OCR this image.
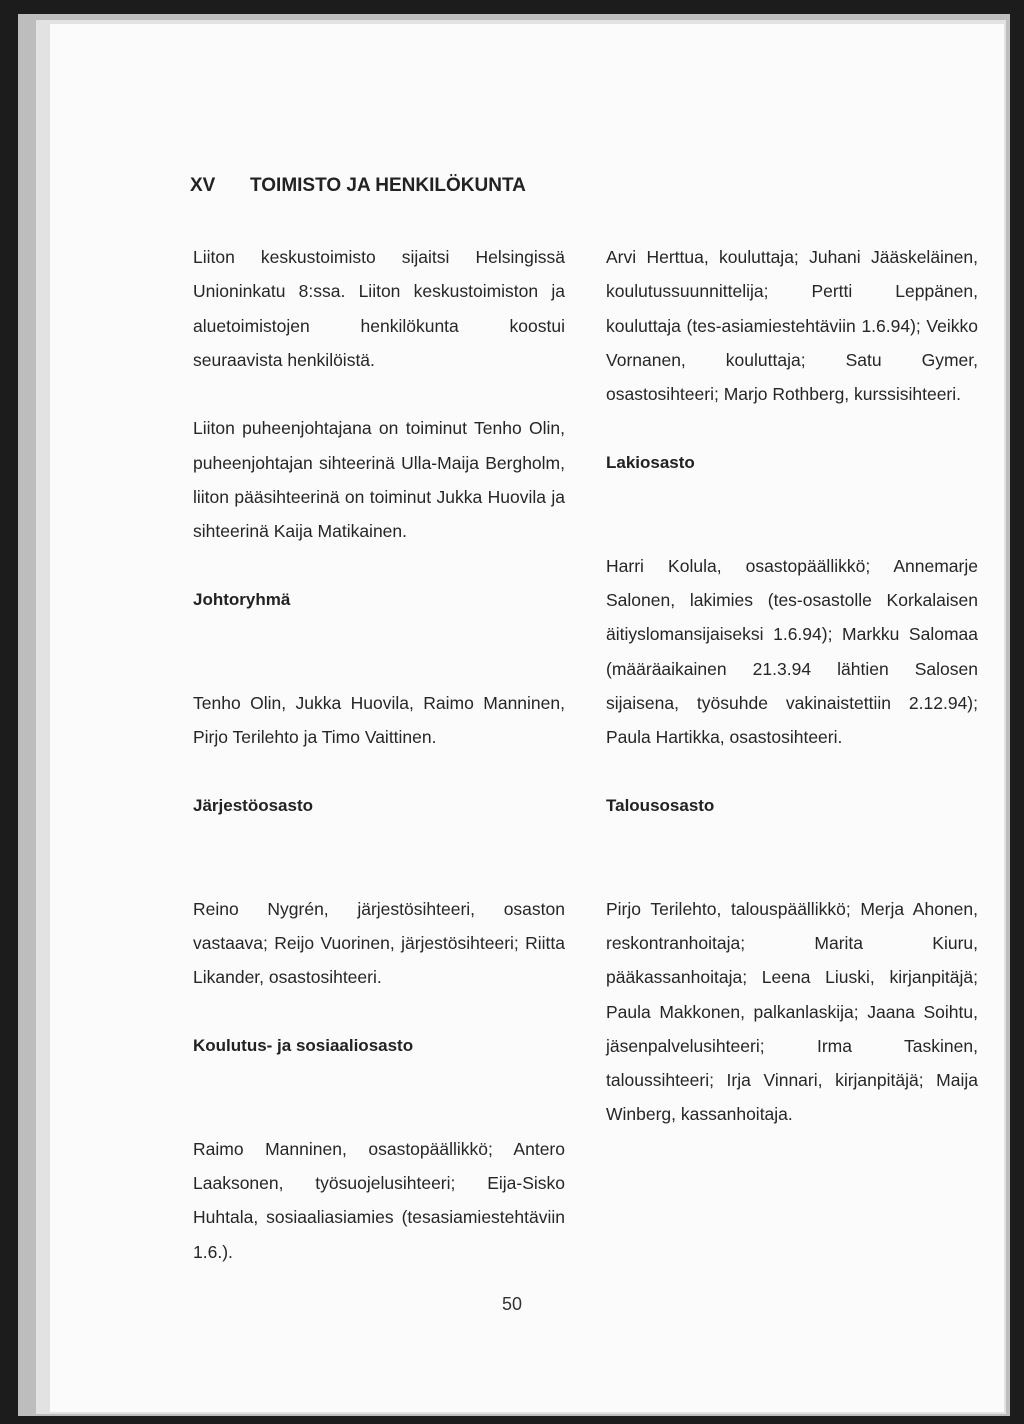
XV TOIMISTO JA HENKILÖKUNTA

Liiton keskustoimisto sijaitsi Helsingissä Unioninkatu 8:ssa. Liiton keskustoimiston ja aluetoimistojen henkilökunta koostui seuraavista henkilöistä.

Liiton puheenjohtajana on toiminut Tenho Olin, puheenjohtajan sihteerinä Ulla-Maija Bergholm, liiton pääsihteerinä on toiminut Jukka Huovila ja sihteerinä Kaija Matikainen.

Johtoryhmä

Tenho Olin, Jukka Huovila, Raimo Manninen, Pirjo Terilehto ja Timo Vaittinen.

Järjestöosasto

Reino Nygrén, järjestösihteeri, osaston vastaava; Reijo Vuorinen, järjestösihteeri; Riitta Likander, osastosihteeri.

Koulutus- ja sosiaaliosasto

Raimo Manninen, osastopäällikkö; Antero Laaksonen, työsuojelusihteeri; Eija-Sisko Huhtala, sosiaaliasiamies (tesasiamiestehtäviin 1.6.).

Arvi Herttua, kouluttaja; Juhani Jääskeläinen, koulutussuunnittelija; Pertti Leppänen, kouluttaja (tes-asiamiestehtäviin 1.6.94); Veikko Vornanen, kouluttaja; Satu Gymer, osastosihteeri; Marjo Rothberg, kurssisihteeri.

Lakiosasto

Harri Kolula, osastopäällikkö; Annemarje Salonen, lakimies (tes-osastolle Korkalaisen äitiyslomansijaiseksi 1.6.94); Markku Salomaa (määräaikainen 21.3.94 lähtien Salosen sijaisena, työsuhde vakinaistettiin 2.12.94); Paula Hartikka, osastosihteeri.

Talousosasto

Pirjo Terilehto, talouspäällikkö; Merja Ahonen, reskontranhoitaja; Marita Kiuru, pääkassanhoitaja; Leena Liuski, kirjanpitäjä; Paula Makkonen, palkanlaskija; Jaana Soihtu, jäsenpalvelusihteeri; Irma Taskinen, taloussihteeri; Irja Vinnari, kirjanpitäjä; Maija Winberg, kassanhoitaja.

50
